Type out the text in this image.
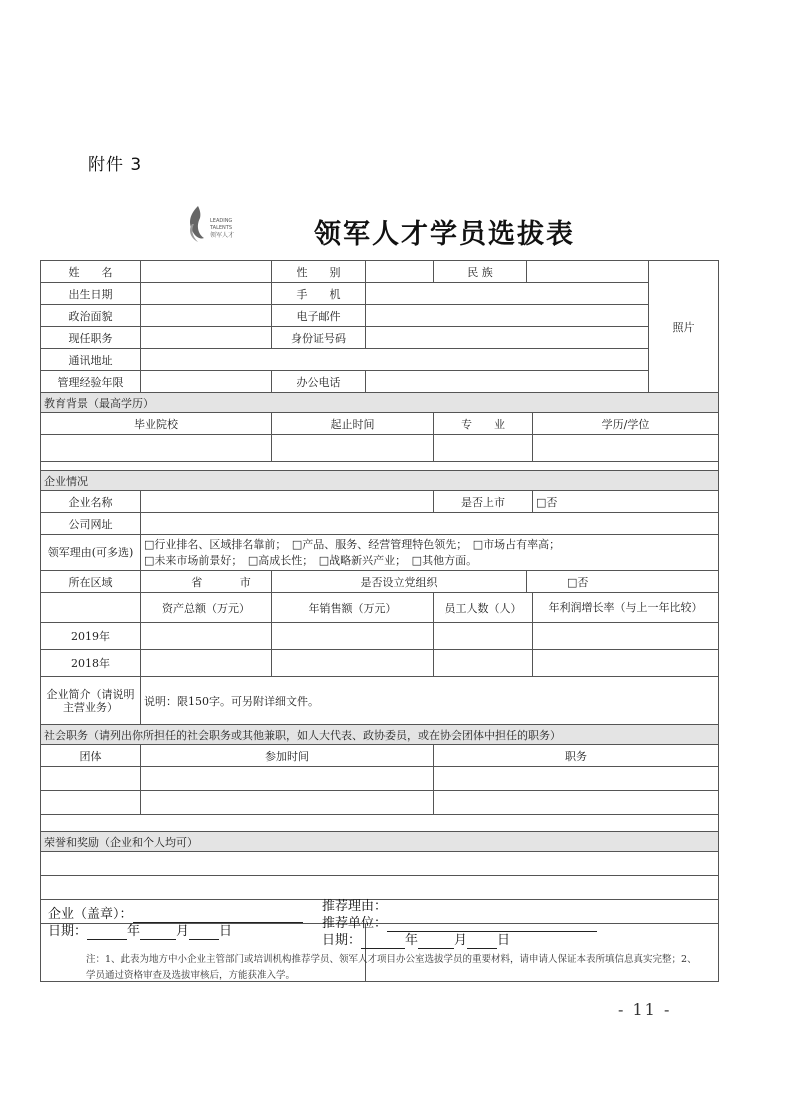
附件 3
LEADING
TALENTS
领军人才	领军人才学员选拔表
姓　　名		性　　别		民 族			照片
出生日期		手　　机					
政治面貌		电子邮件					
现任职务		身份证号码					
通讯地址							
管理经验年限		办公电话					
教育背景（最高学历）							
毕业院校		起止时间		专　　业		学历/学位	

企业情况							
企业名称				是否上市		□否	
公司网址							
领军理由(可多选)	□行业排名、区域排名靠前；　□产品、服务、经营管理特色领先；　□市场占有率高；
□未来市场前景好；　□高成长性；　□战略新兴产业；　□其他方面。						

所在区域	省 市	是否设立党组织			□否		
	资产总额（万元）	年销售额（万元）		员工人数（人）		年利润增长率（与上一年比较）	
2019年							
2018年							
企业简介（请说明主营业务）	说明：限150字。可另附详细文件。						
社会职务（请列出你所担任的社会职务或其他兼职，如人大代表、政协委员，或在协会团体中担任的职务）							
团体	参加时间			职务			

荣誉和奖励（企业和个人均可）							

企业（盖章）：
日期：	年	月 日
推荐理由：
推荐单位：
日期：	年	月 日
注：1、此表为地方中小企业主管部门或培训机构推荐学员、领军人才项目办公室选拔学员的重要材料，请申请人保证本表所填信息真实完整；2、学员通过资格审查及选拔审核后，方能获准入学。
- 11 -
